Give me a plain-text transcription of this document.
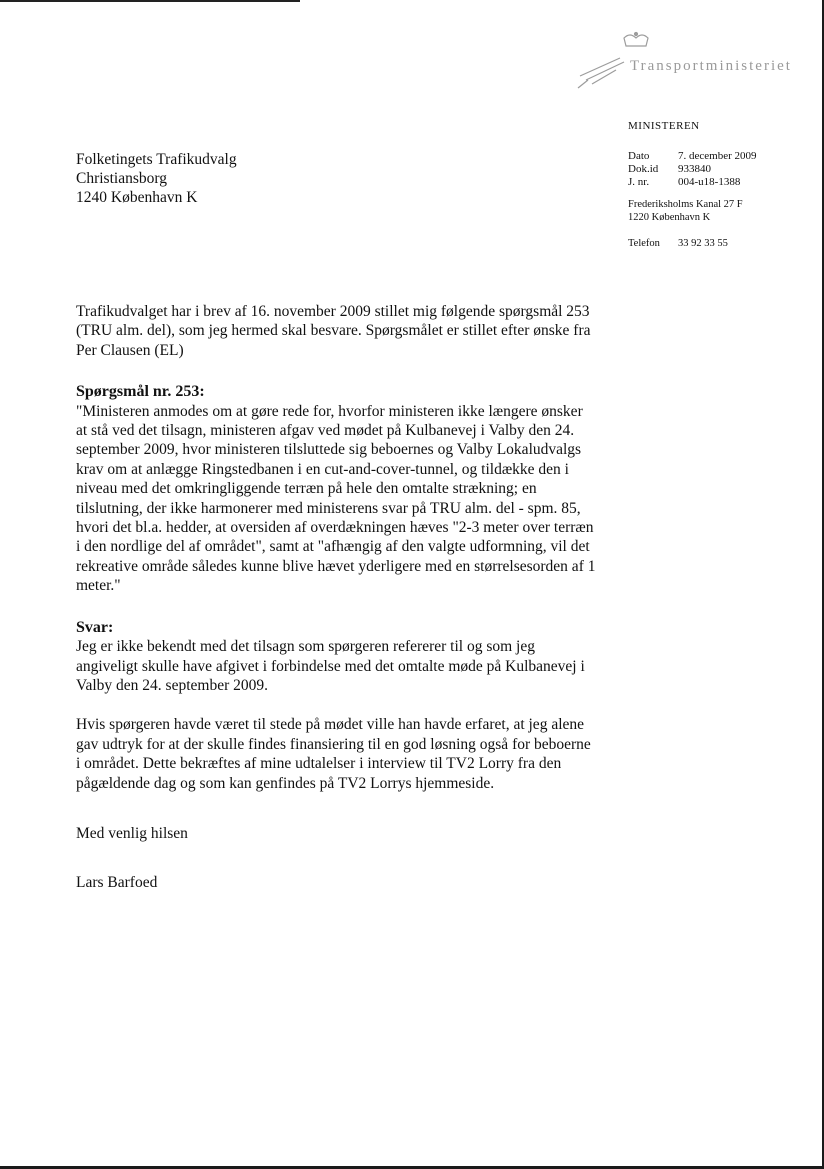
Transportministeriet
MINISTEREN
Dato	7. december 2009
Dok.id	933840
J. nr.	004-u18-1388
Frederiksholms Kanal 27 F
1220 København K
Telefon	33 92 33 55
Folketingets Trafikudvalg
Christiansborg
1240 København K

Trafikudvalget har i brev af 16. november 2009 stillet mig følgende spørgsmål 253 (TRU alm. del), som jeg hermed skal besvare. Spørgsmålet er stillet efter ønske fra Per Clausen (EL)

Spørgsmål nr. 253:

"Ministeren anmodes om at gøre rede for, hvorfor ministeren ikke længere ønsker at stå ved det tilsagn, ministeren afgav ved mødet på Kulbanevej i Valby den 24. september 2009, hvor ministeren tilsluttede sig beboernes og Valby Lokaludvalgs krav om at anlægge Ringstedbanen i en cut-and-cover-tunnel, og tildække den i niveau med det omkringliggende terræn på hele den omtalte strækning; en tilslutning, der ikke harmonerer med ministerens svar på TRU alm. del - spm. 85, hvori det bl.a. hedder, at oversiden af overdækningen hæves "2-3 meter over terræn i den nordlige del af området", samt at "afhængig af den valgte udformning, vil det rekreative område således kunne blive hævet yderligere med en størrelsesorden af 1 meter."

Svar:

Jeg er ikke bekendt med det tilsagn som spørgeren refererer til og som jeg angiveligt skulle have afgivet i forbindelse med det omtalte møde på Kulbanevej i Valby den 24. september 2009.

Hvis spørgeren havde været til stede på mødet ville han havde erfaret, at jeg alene gav udtryk for at der skulle findes finansiering til en god løsning også for beboerne i området. Dette bekræftes af mine udtalelser i interview til TV2 Lorry fra den pågældende dag og som kan genfindes på TV2 Lorrys hjemmeside.

Med venlig hilsen

Lars Barfoed
